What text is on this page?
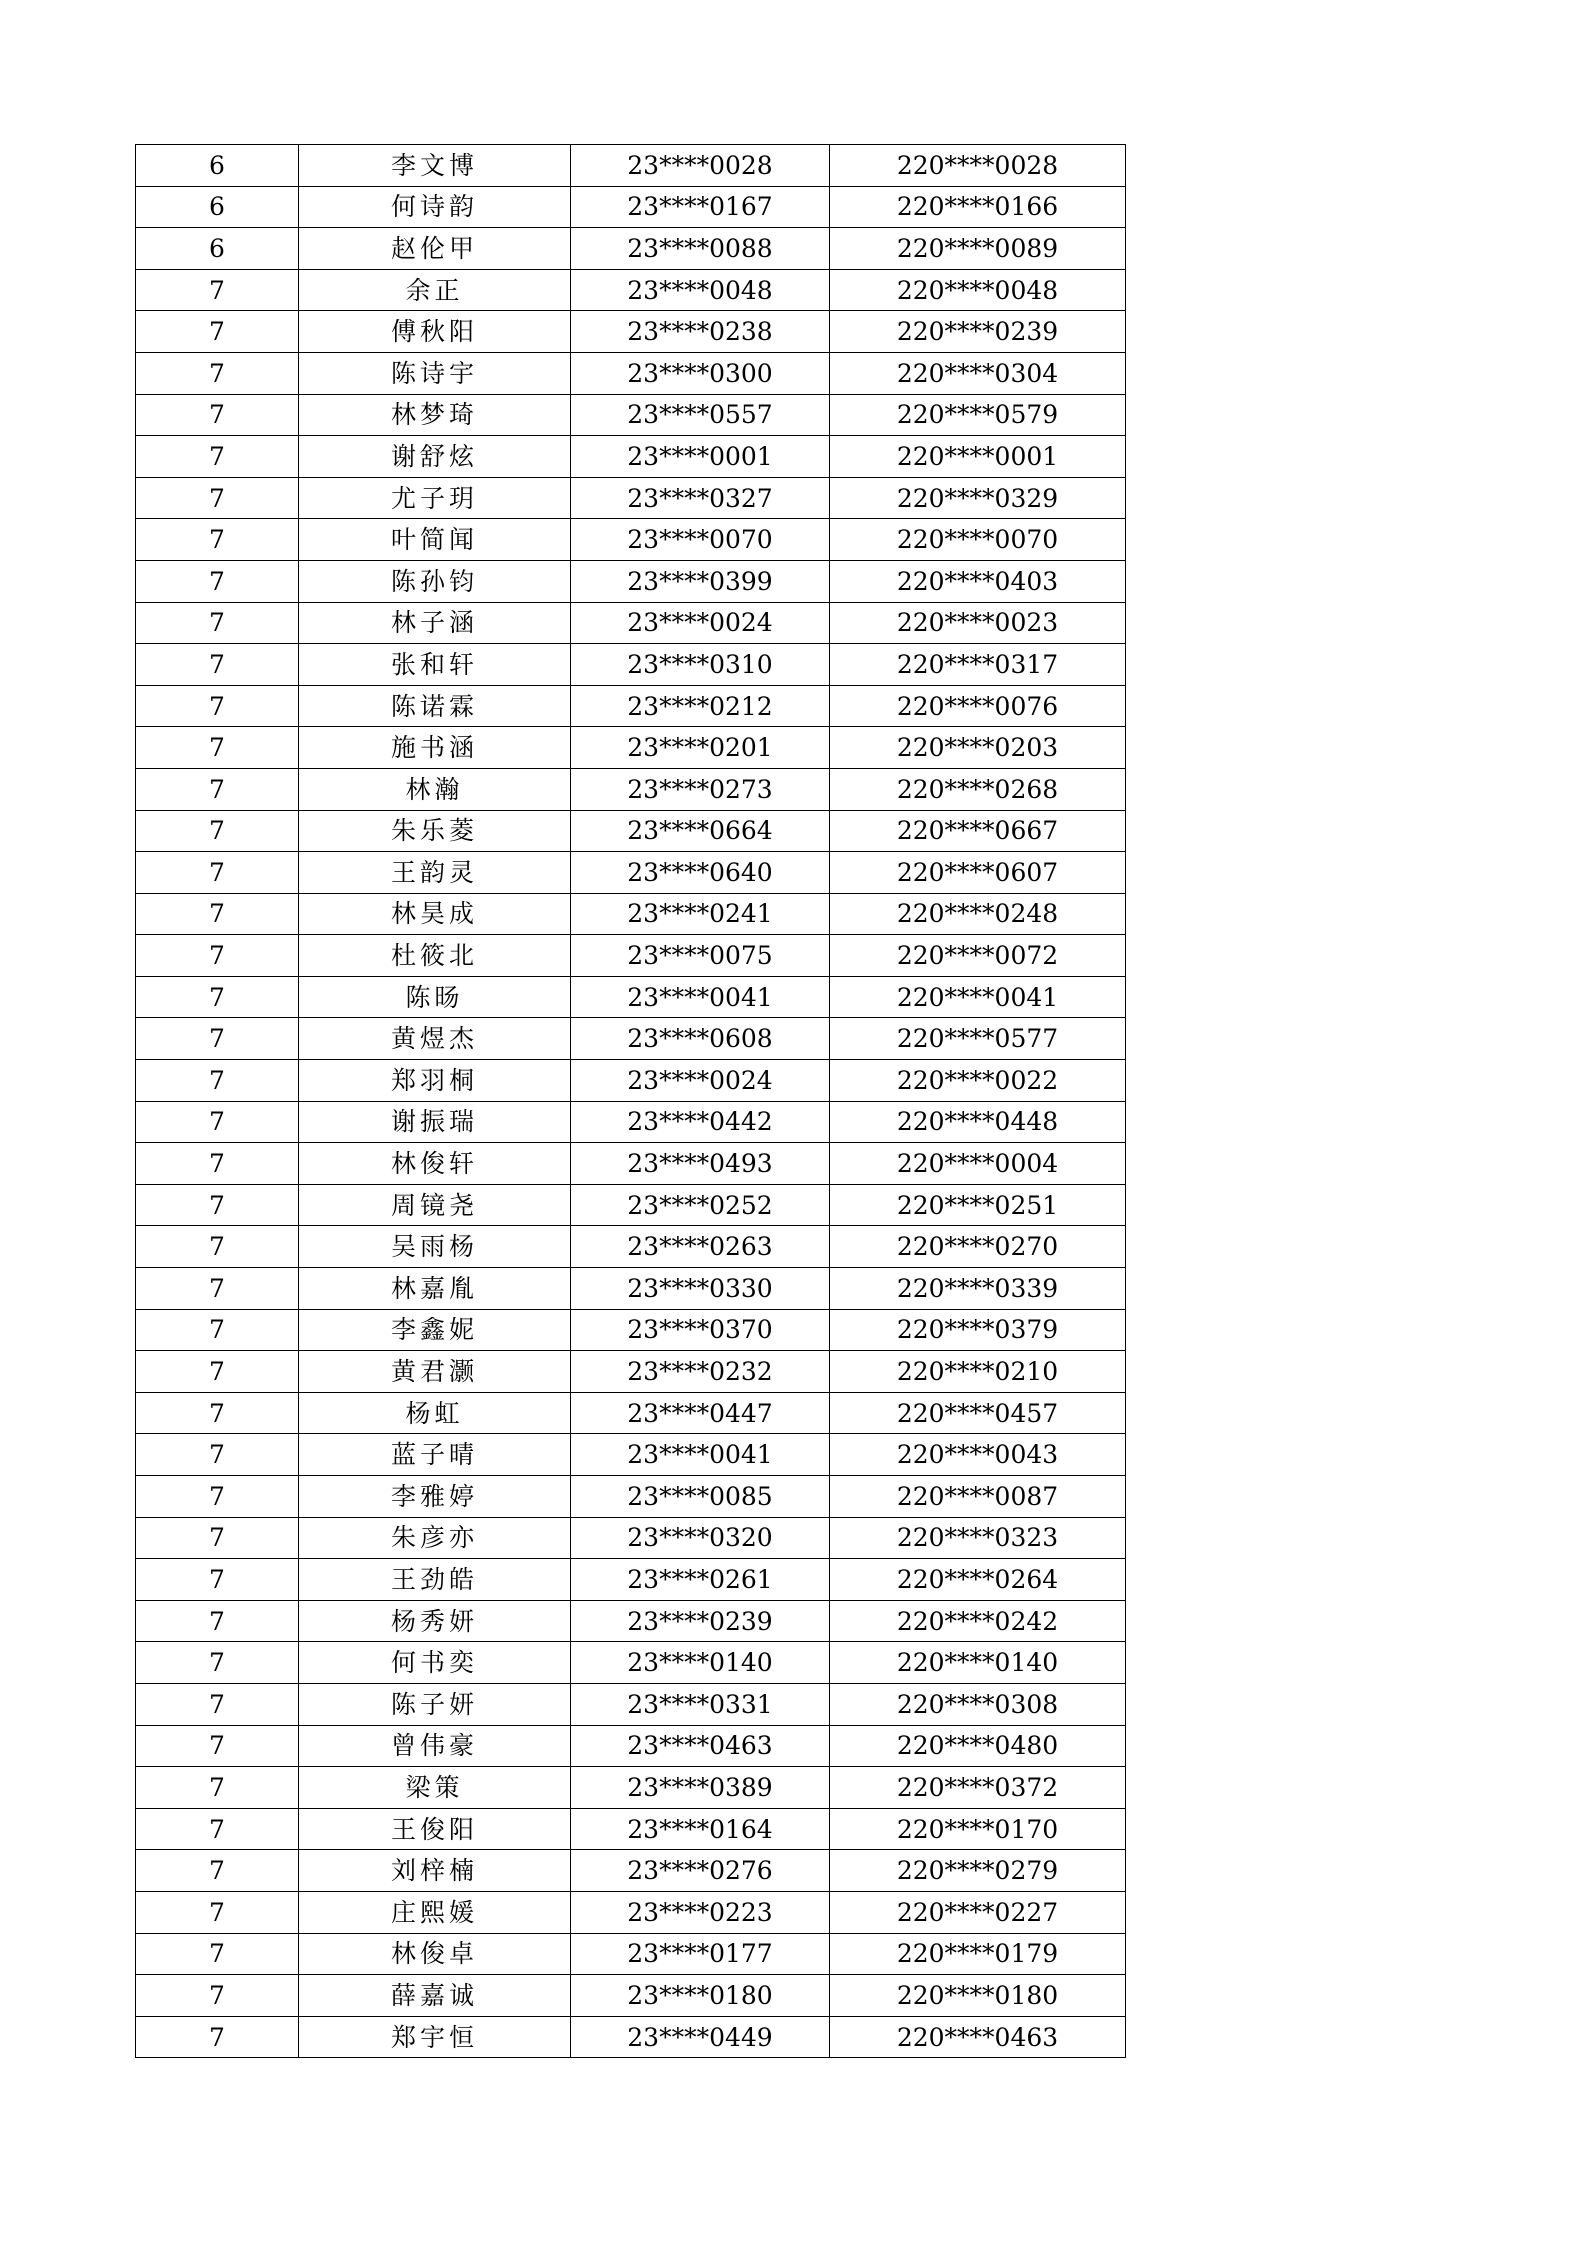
6	李文博	23****0028	220****0028
6	何诗韵	23****0167	220****0166
6	赵伦甲	23****0088	220****0089
7	余正	23****0048	220****0048
7	傅秋阳	23****0238	220****0239
7	陈诗宇	23****0300	220****0304
7	林梦琦	23****0557	220****0579
7	谢舒炫	23****0001	220****0001
7	尤子玥	23****0327	220****0329
7	叶简闻	23****0070	220****0070
7	陈孙钧	23****0399	220****0403
7	林子涵	23****0024	220****0023
7	张和轩	23****0310	220****0317
7	陈诺霖	23****0212	220****0076
7	施书涵	23****0201	220****0203
7	林瀚	23****0273	220****0268
7	朱乐菱	23****0664	220****0667
7	王韵灵	23****0640	220****0607
7	林昊成	23****0241	220****0248
7	杜筱北	23****0075	220****0072
7	陈旸	23****0041	220****0041
7	黄煜杰	23****0608	220****0577
7	郑羽桐	23****0024	220****0022
7	谢振瑞	23****0442	220****0448
7	林俊轩	23****0493	220****0004
7	周镜尧	23****0252	220****0251
7	吴雨杨	23****0263	220****0270
7	林嘉胤	23****0330	220****0339
7	李鑫妮	23****0370	220****0379
7	黄君灏	23****0232	220****0210
7	杨虹	23****0447	220****0457
7	蓝子晴	23****0041	220****0043
7	李雅婷	23****0085	220****0087
7	朱彦亦	23****0320	220****0323
7	王劲皓	23****0261	220****0264
7	杨秀妍	23****0239	220****0242
7	何书奕	23****0140	220****0140
7	陈子妍	23****0331	220****0308
7	曾伟豪	23****0463	220****0480
7	梁策	23****0389	220****0372
7	王俊阳	23****0164	220****0170
7	刘梓楠	23****0276	220****0279
7	庄熙媛	23****0223	220****0227
7	林俊卓	23****0177	220****0179
7	薛嘉诚	23****0180	220****0180
7	郑宇恒	23****0449	220****0463
